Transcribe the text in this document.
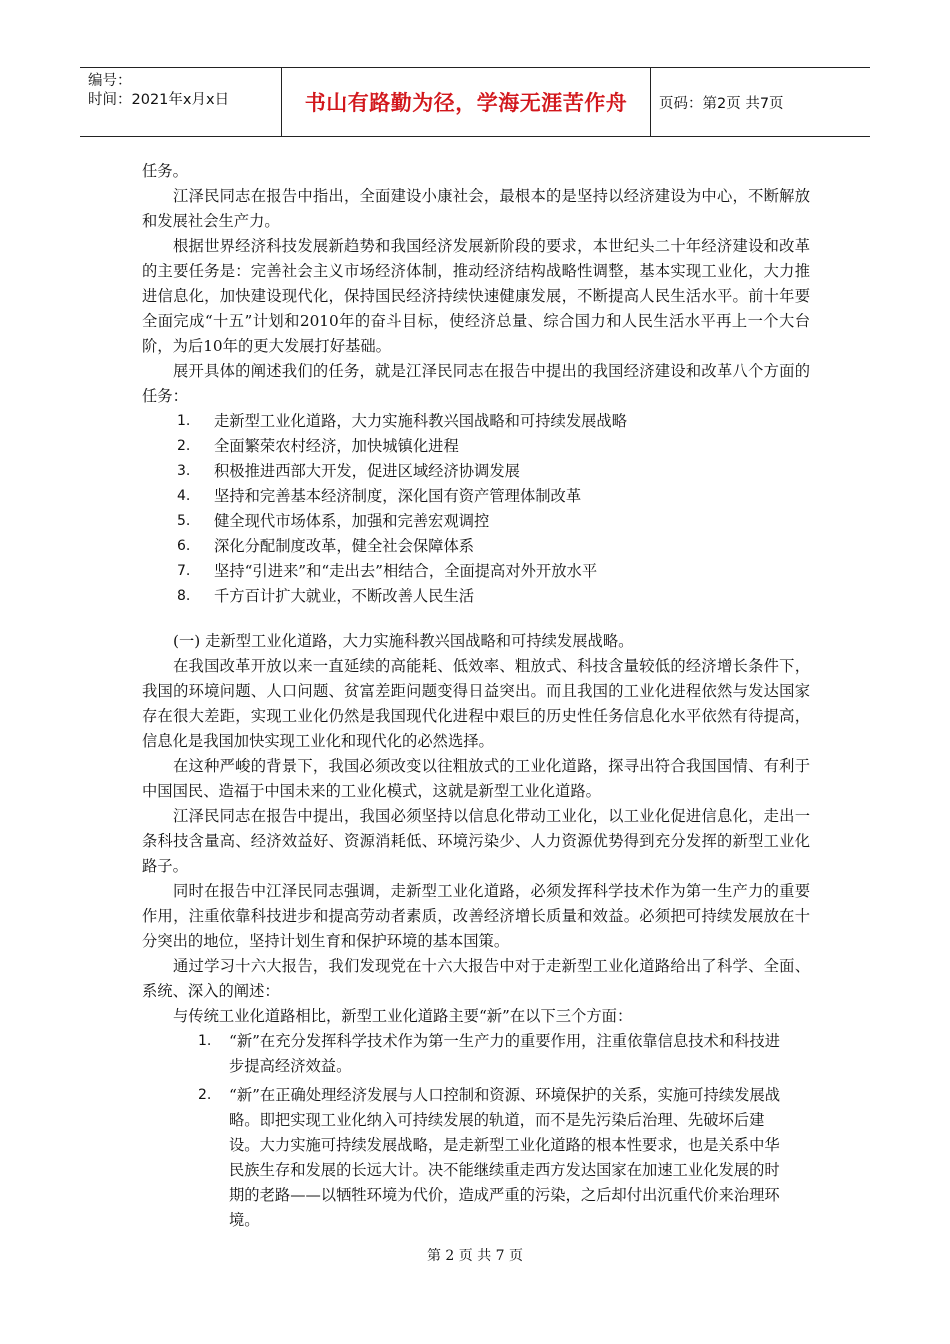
编号：
时间：2021年x月x日	书山有路勤为径，学海无涯苦作舟	页码：第2页 共7页

任务。

江泽民同志在报告中指出，全面建设小康社会，最根本的是坚持以经济建设为中心，不断解放和发展社会生产力。

根据世界经济科技发展新趋势和我国经济发展新阶段的要求，本世纪头二十年经济建设和改革的主要任务是：完善社会主义市场经济体制，推动经济结构战略性调整，基本实现工业化，大力推进信息化，加快建设现代化，保持国民经济持续快速健康发展，不断提高人民生活水平。前十年要全面完成“十五”计划和2010年的奋斗目标，使经济总量、综合国力和人民生活水平再上一个大台阶，为后10年的更大发展打好基础。

展开具体的阐述我们的任务，就是江泽民同志在报告中提出的我国经济建设和改革八个方面的任务：

1.	走新型工业化道路，大力实施科教兴国战略和可持续发展战略
2.	全面繁荣农村经济，加快城镇化进程
3.	积极推进西部大开发，促进区域经济协调发展
4.	坚持和完善基本经济制度，深化国有资产管理体制改革
5.	健全现代市场体系，加强和完善宏观调控
6.	深化分配制度改革，健全社会保障体系
7.	坚持“引进来”和“走出去”相结合，全面提高对外开放水平
8.	千方百计扩大就业，不断改善人民生活

(一) 走新型工业化道路，大力实施科教兴国战略和可持续发展战略。

在我国改革开放以来一直延续的高能耗、低效率、粗放式、科技含量较低的经济增长条件下，我国的环境问题、人口问题、贫富差距问题变得日益突出。而且我国的工业化进程依然与发达国家存在很大差距，实现工业化仍然是我国现代化进程中艰巨的历史性任务信息化水平依然有待提高，信息化是我国加快实现工业化和现代化的必然选择。

在这种严峻的背景下，我国必须改变以往粗放式的工业化道路，探寻出符合我国国情、有利于中国国民、造福于中国未来的工业化模式，这就是新型工业化道路。

江泽民同志在报告中提出，我国必须坚持以信息化带动工业化，以工业化促进信息化，走出一条科技含量高、经济效益好、资源消耗低、环境污染少、人力资源优势得到充分发挥的新型工业化路子。

同时在报告中江泽民同志强调，走新型工业化道路，必须发挥科学技术作为第一生产力的重要作用，注重依靠科技进步和提高劳动者素质，改善经济增长质量和效益。必须把可持续发展放在十分突出的地位，坚持计划生育和保护环境的基本国策。

通过学习十六大报告，我们发现党在十六大报告中对于走新型工业化道路给出了科学、全面、系统、深入的阐述：

与传统工业化道路相比，新型工业化道路主要“新”在以下三个方面：

1.	“新”在充分发挥科学技术作为第一生产力的重要作用，注重依靠信息技术和科技进步提高经济效益。
2.	“新”在正确处理经济发展与人口控制和资源、环境保护的关系，实施可持续发展战略。即把实现工业化纳入可持续发展的轨道，而不是先污染后治理、先破坏后建设。大力实施可持续发展战略，是走新型工业化道路的根本性要求，也是关系中华民族生存和发展的长远大计。决不能继续重走西方发达国家在加速工业化发展的时期的老路——以牺牲环境为代价，造成严重的污染，之后却付出沉重代价来治理环境。
第 2 页 共 7 页
